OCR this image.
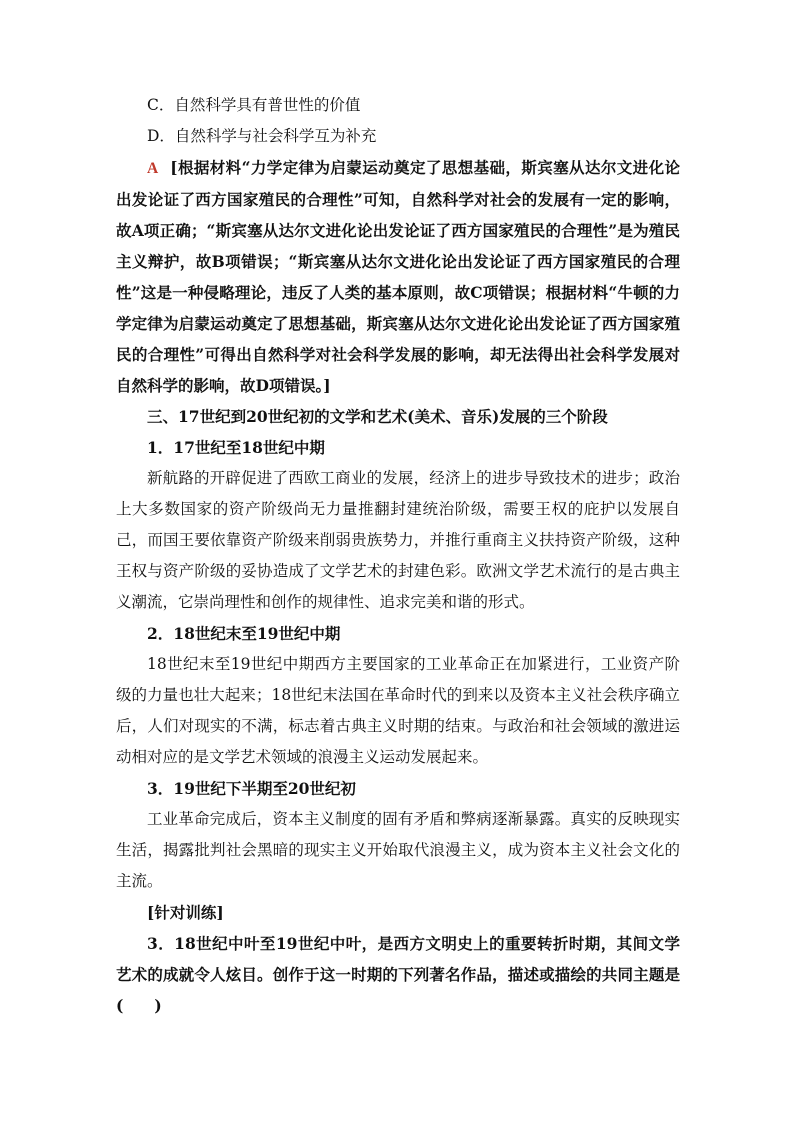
C．自然科学具有普世性的价值
D．自然科学与社会科学互为补充

A [根据材料“力学定律为启蒙运动奠定了思想基础，斯宾塞从达尔文进化论出发论证了西方国家殖民的合理性”可知，自然科学对社会的发展有一定的影响，故A项正确；“斯宾塞从达尔文进化论出发论证了西方国家殖民的合理性”是为殖民主义辩护，故B项错误；“斯宾塞从达尔文进化论出发论证了西方国家殖民的合理性”这是一种侵略理论，违反了人类的基本原则，故C项错误；根据材料“牛顿的力学定律为启蒙运动奠定了思想基础，斯宾塞从达尔文进化论出发论证了西方国家殖民的合理性”可得出自然科学对社会科学发展的影响，却无法得出社会科学发展对自然科学的影响，故D项错误。]

三、17世纪到20世纪初的文学和艺术(美术、音乐)发展的三个阶段
1．17世纪至18世纪中期

新航路的开辟促进了西欧工商业的发展，经济上的进步导致技术的进步；政治上大多数国家的资产阶级尚无力量推翻封建统治阶级，需要王权的庇护以发展自己，而国王要依靠资产阶级来削弱贵族势力，并推行重商主义扶持资产阶级，这种王权与资产阶级的妥协造成了文学艺术的封建色彩。欧洲文学艺术流行的是古典主义潮流，它崇尚理性和创作的规律性、追求完美和谐的形式。

2．18世纪末至19世纪中期

18世纪末至19世纪中期西方主要国家的工业革命正在加紧进行，工业资产阶级的力量也壮大起来；18世纪末法国在革命时代的到来以及资本主义社会秩序确立后，人们对现实的不满，标志着古典主义时期的结束。与政治和社会领域的激进运动相对应的是文学艺术领域的浪漫主义运动发展起来。

3．19世纪下半期至20世纪初

工业革命完成后，资本主义制度的固有矛盾和弊病逐渐暴露。真实的反映现实生活，揭露批判社会黑暗的现实主义开始取代浪漫主义，成为资本主义社会文化的主流。

[针对训练]

3．18世纪中叶至19世纪中叶，是西方文明史上的重要转折时期，其间文学艺术的成就令人炫目。创作于这一时期的下列著名作品，描述或描绘的共同主题是(　　)
